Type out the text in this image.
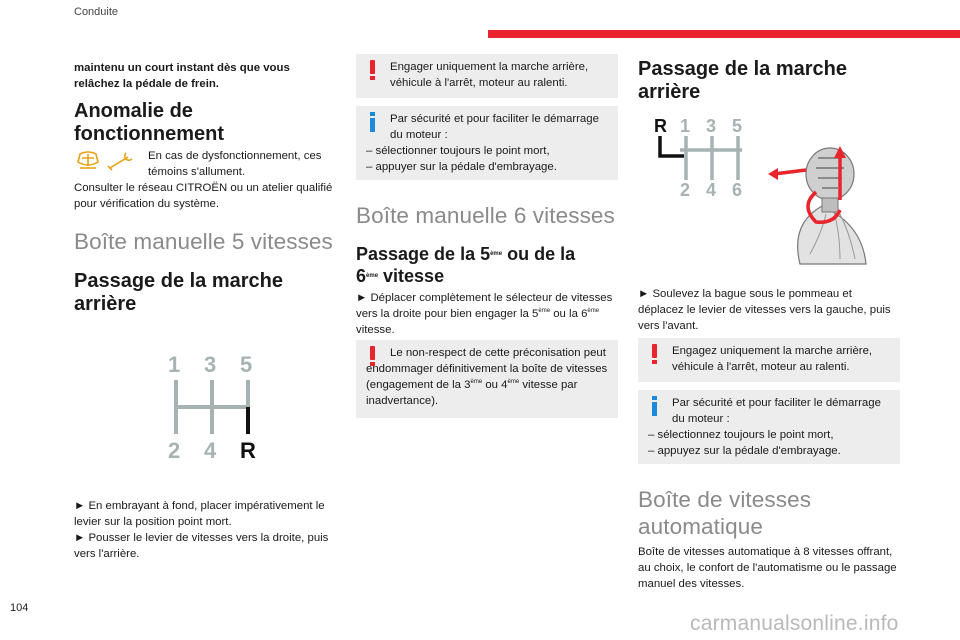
Conduite

maintenu un court instant dès que vous relâchez la pédale de frein.

Anomalie de fonctionnement

En cas de dysfonctionnement, ces témoins s'allument.

Consulter le réseau CITROËN ou un atelier qualifié pour vérification du système.

Boîte manuelle 5 vitesses
Passage de la marche arrière
1 3 5
2 4 R

► En embrayant à fond, placer impérativement le levier sur la position point mort.

► Pousser le levier de vitesses vers la droite, puis vers l'arrière.

Engager uniquement la marche arrière, véhicule à l'arrêt, moteur au ralenti.

Par sécurité et pour faciliter le démarrage du moteur :

– sélectionner toujours le point mort,

– appuyer sur la pédale d'embrayage.

Boîte manuelle 6 vitesses
Passage de la 5ème ou de la
6ème vitesse

► Déplacer complètement le sélecteur de vitesses vers la droite pour bien engager la 5ème ou la 6ème vitesse.

Le non-respect de cette préconisation peut endommager définitivement la boîte de vitesses (engagement de la 3ème ou 4ème vitesse par inadvertance).

Passage de la marche arrière
R 1 3 5
2 4 6

► Soulevez la bague sous le pommeau et déplacez le levier de vitesses vers la gauche, puis vers l'avant.

Engagez uniquement la marche arrière, véhicule à l'arrêt, moteur au ralenti.

Par sécurité et pour faciliter le démarrage du moteur :

– sélectionnez toujours le point mort,

– appuyez sur la pédale d'embrayage.

Boîte de vitesses automatique

Boîte de vitesses automatique à 8 vitesses offrant, au choix, le confort de l'automatisme ou le passage manuel des vitesses.

104
carmanualsonline.info
